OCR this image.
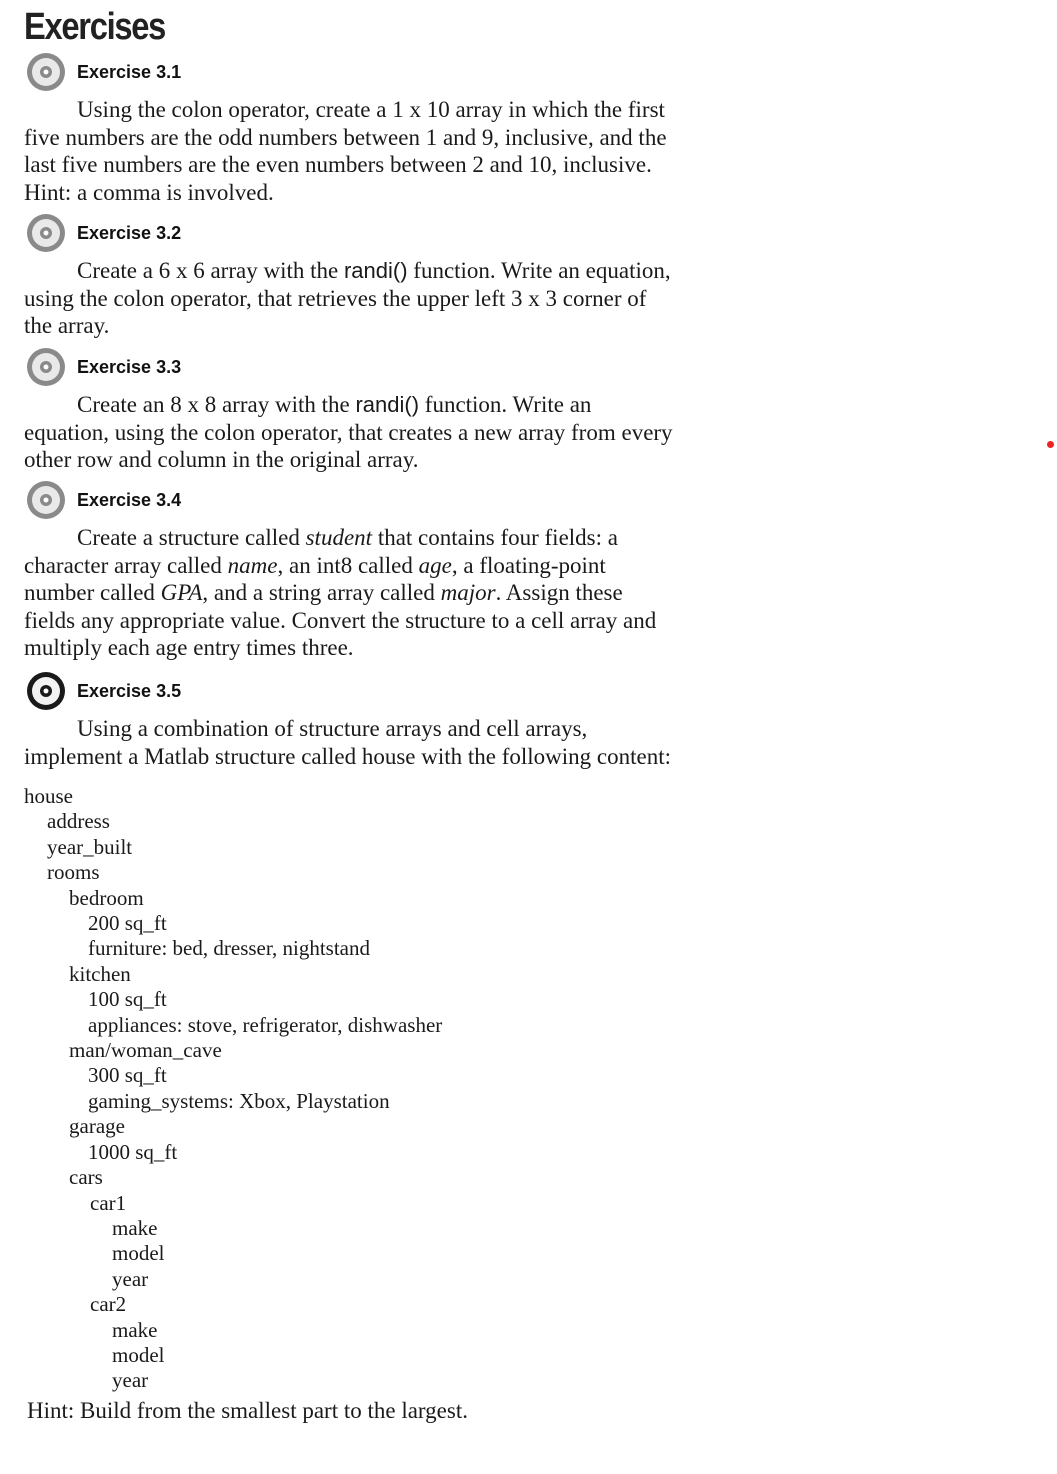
Exercises
Exercise 3.1
Using the colon operator, create a 1 x 10 array in which the first five numbers are the odd numbers between 1 and 9, inclusive, and the last five numbers are the even numbers between 2 and 10, inclusive. Hint: a comma is involved.
Exercise 3.2
Create a 6 x 6 array with the randi() function. Write an equation, using the colon operator, that retrieves the upper left 3 x 3 corner of the array.
Exercise 3.3
Create an 8 x 8 array with the randi() function. Write an equation, using the colon operator, that creates a new array from every other row and column in the original array.
Exercise 3.4
Create a structure called student that contains four fields: a character array called name, an int8 called age, a floating-point number called GPA, and a string array called major. Assign these fields any appropriate value. Convert the structure to a cell array and multiply each age entry times three.
Exercise 3.5
Using a combination of structure arrays and cell arrays, implement a Matlab structure called house with the following content:
house
address
year_built
rooms
bedroom
200 sq_ft
furniture: bed, dresser, nightstand
kitchen
100 sq_ft
appliances: stove, refrigerator, dishwasher
man/woman_cave
300 sq_ft
gaming_systems: Xbox, Playstation
garage
1000 sq_ft
cars
car1
make
model
year
car2
make
model
year
Hint: Build from the smallest part to the largest.
